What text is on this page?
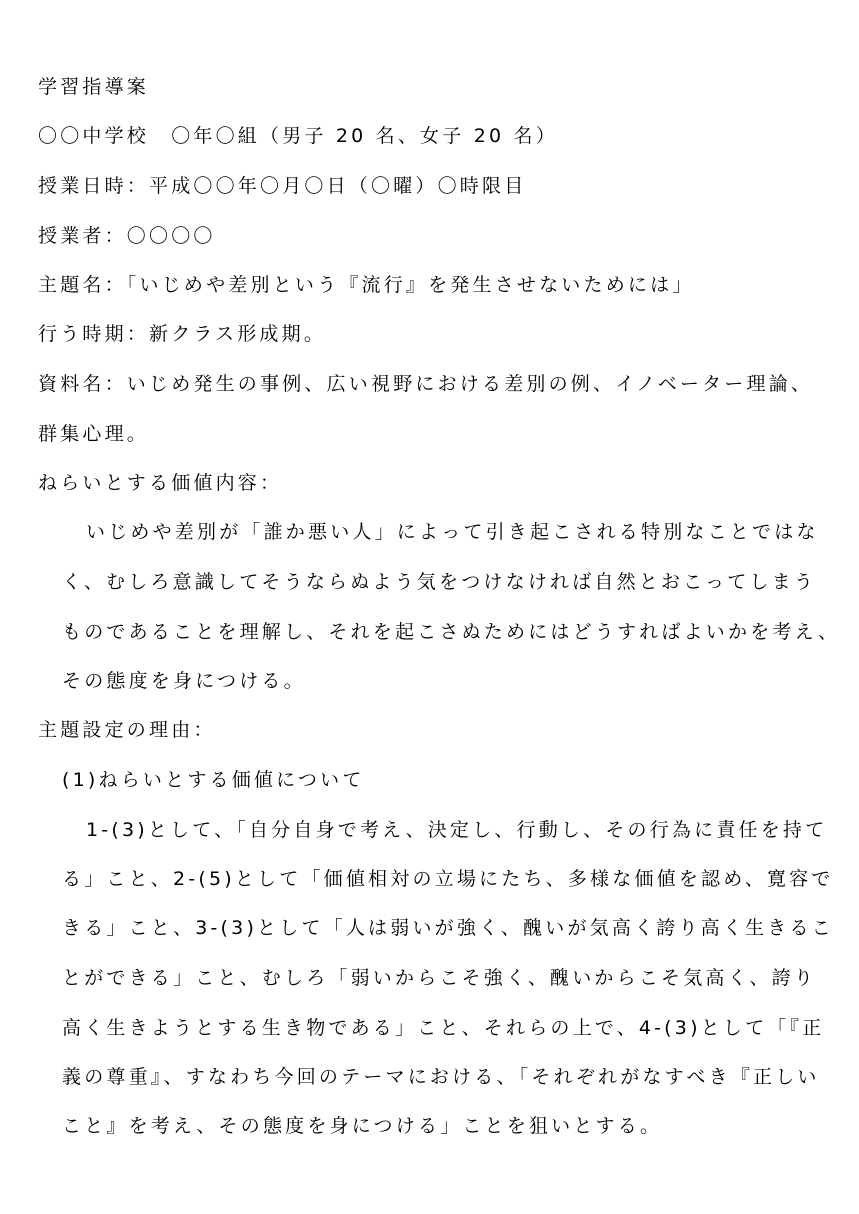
学習指導案
〇〇中学校　〇年〇組（男子 20 名、女子 20 名）
授業日時：平成〇〇年〇月〇日（〇曜）〇時限目
授業者：〇〇〇〇
主題名：「いじめや差別という『流行』を発生させないためには」
行う時期：新クラス形成期。
資料名：いじめ発生の事例、広い視野における差別の例、イノベーター理論、
群集心理。
ねらいとする価値内容：
いじめや差別が「誰か悪い人」によって引き起こされる特別なことではな
く、むしろ意識してそうならぬよう気をつけなければ自然とおこってしまう
ものであることを理解し、それを起こさぬためにはどうすればよいかを考え、
その態度を身につける。
主題設定の理由：
(1)ねらいとする価値について
1-(3)として、「自分自身で考え、決定し、行動し、その行為に責任を持て
る」こと、2-(5)として「価値相対の立場にたち、多様な価値を認め、寛容で
きる」こと、3-(3)として「人は弱いが強く、醜いが気高く誇り高く生きるこ
とができる」こと、むしろ「弱いからこそ強く、醜いからこそ気高く、誇り
高く生きようとする生き物である」こと、それらの上で、4-(3)として「『正
義の尊重』、すなわち今回のテーマにおける、「それぞれがなすべき『正しい
こと』を考え、その態度を身につける」ことを狙いとする。
